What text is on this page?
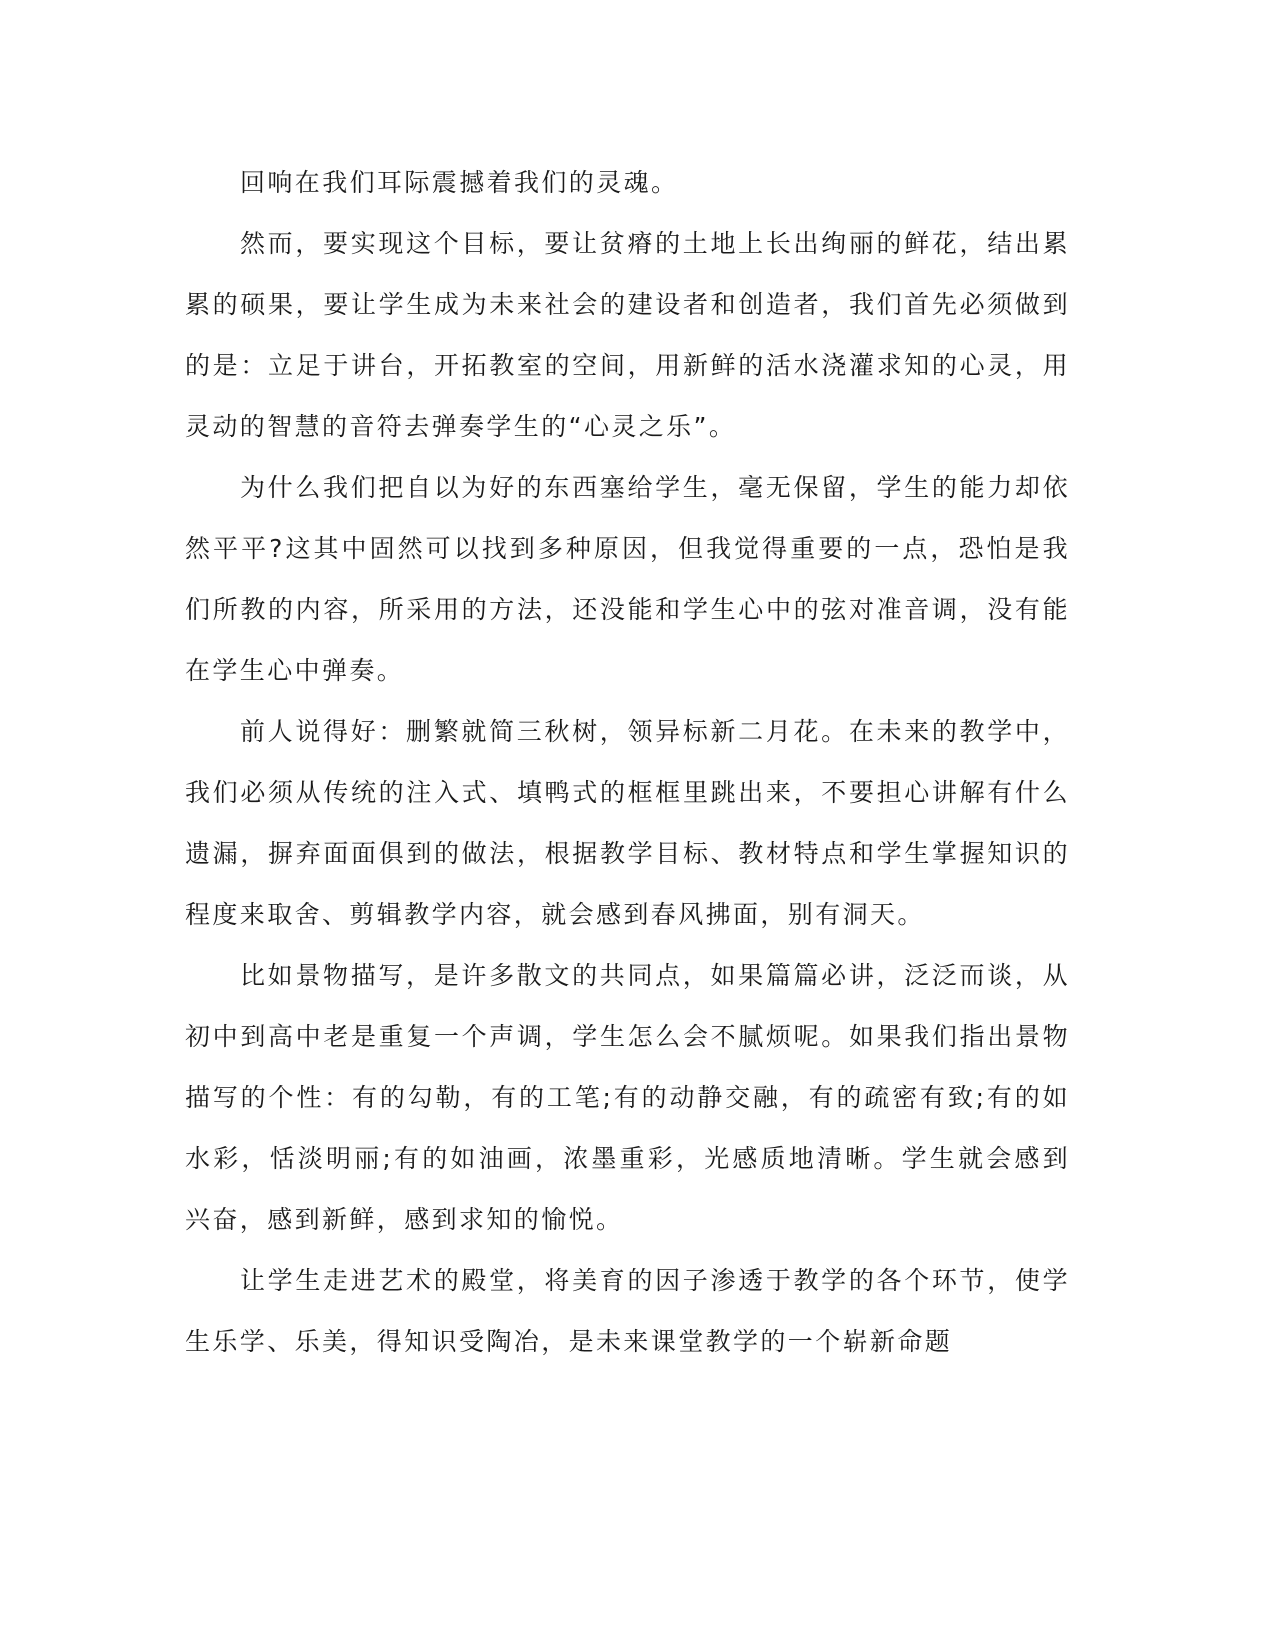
回响在我们耳际震撼着我们的灵魂。

然而，要实现这个目标，要让贫瘠的土地上长出绚丽的鲜花，结出累累的硕果，要让学生成为未来社会的建设者和创造者，我们首先必须做到的是：立足于讲台，开拓教室的空间，用新鲜的活水浇灌求知的心灵，用灵动的智慧的音符去弹奏学生的“心灵之乐”。

为什么我们把自以为好的东西塞给学生，毫无保留，学生的能力却依然平平?这其中固然可以找到多种原因，但我觉得重要的一点，恐怕是我们所教的内容，所采用的方法，还没能和学生心中的弦对准音调，没有能在学生心中弹奏。

前人说得好：删繁就简三秋树，领异标新二月花。在未来的教学中，我们必须从传统的注入式、填鸭式的框框里跳出来，不要担心讲解有什么遗漏，摒弃面面俱到的做法，根据教学目标、教材特点和学生掌握知识的程度来取舍、剪辑教学内容，就会感到春风拂面，别有洞天。

比如景物描写，是许多散文的共同点，如果篇篇必讲，泛泛而谈，从初中到高中老是重复一个声调，学生怎么会不腻烦呢。如果我们指出景物描写的个性：有的勾勒，有的工笔;有的动静交融，有的疏密有致;有的如水彩，恬淡明丽;有的如油画，浓墨重彩，光感质地清晰。学生就会感到兴奋，感到新鲜，感到求知的愉悦。

让学生走进艺术的殿堂，将美育的因子渗透于教学的各个环节，使学生乐学、乐美，得知识受陶冶，是未来课堂教学的一个崭新命题
